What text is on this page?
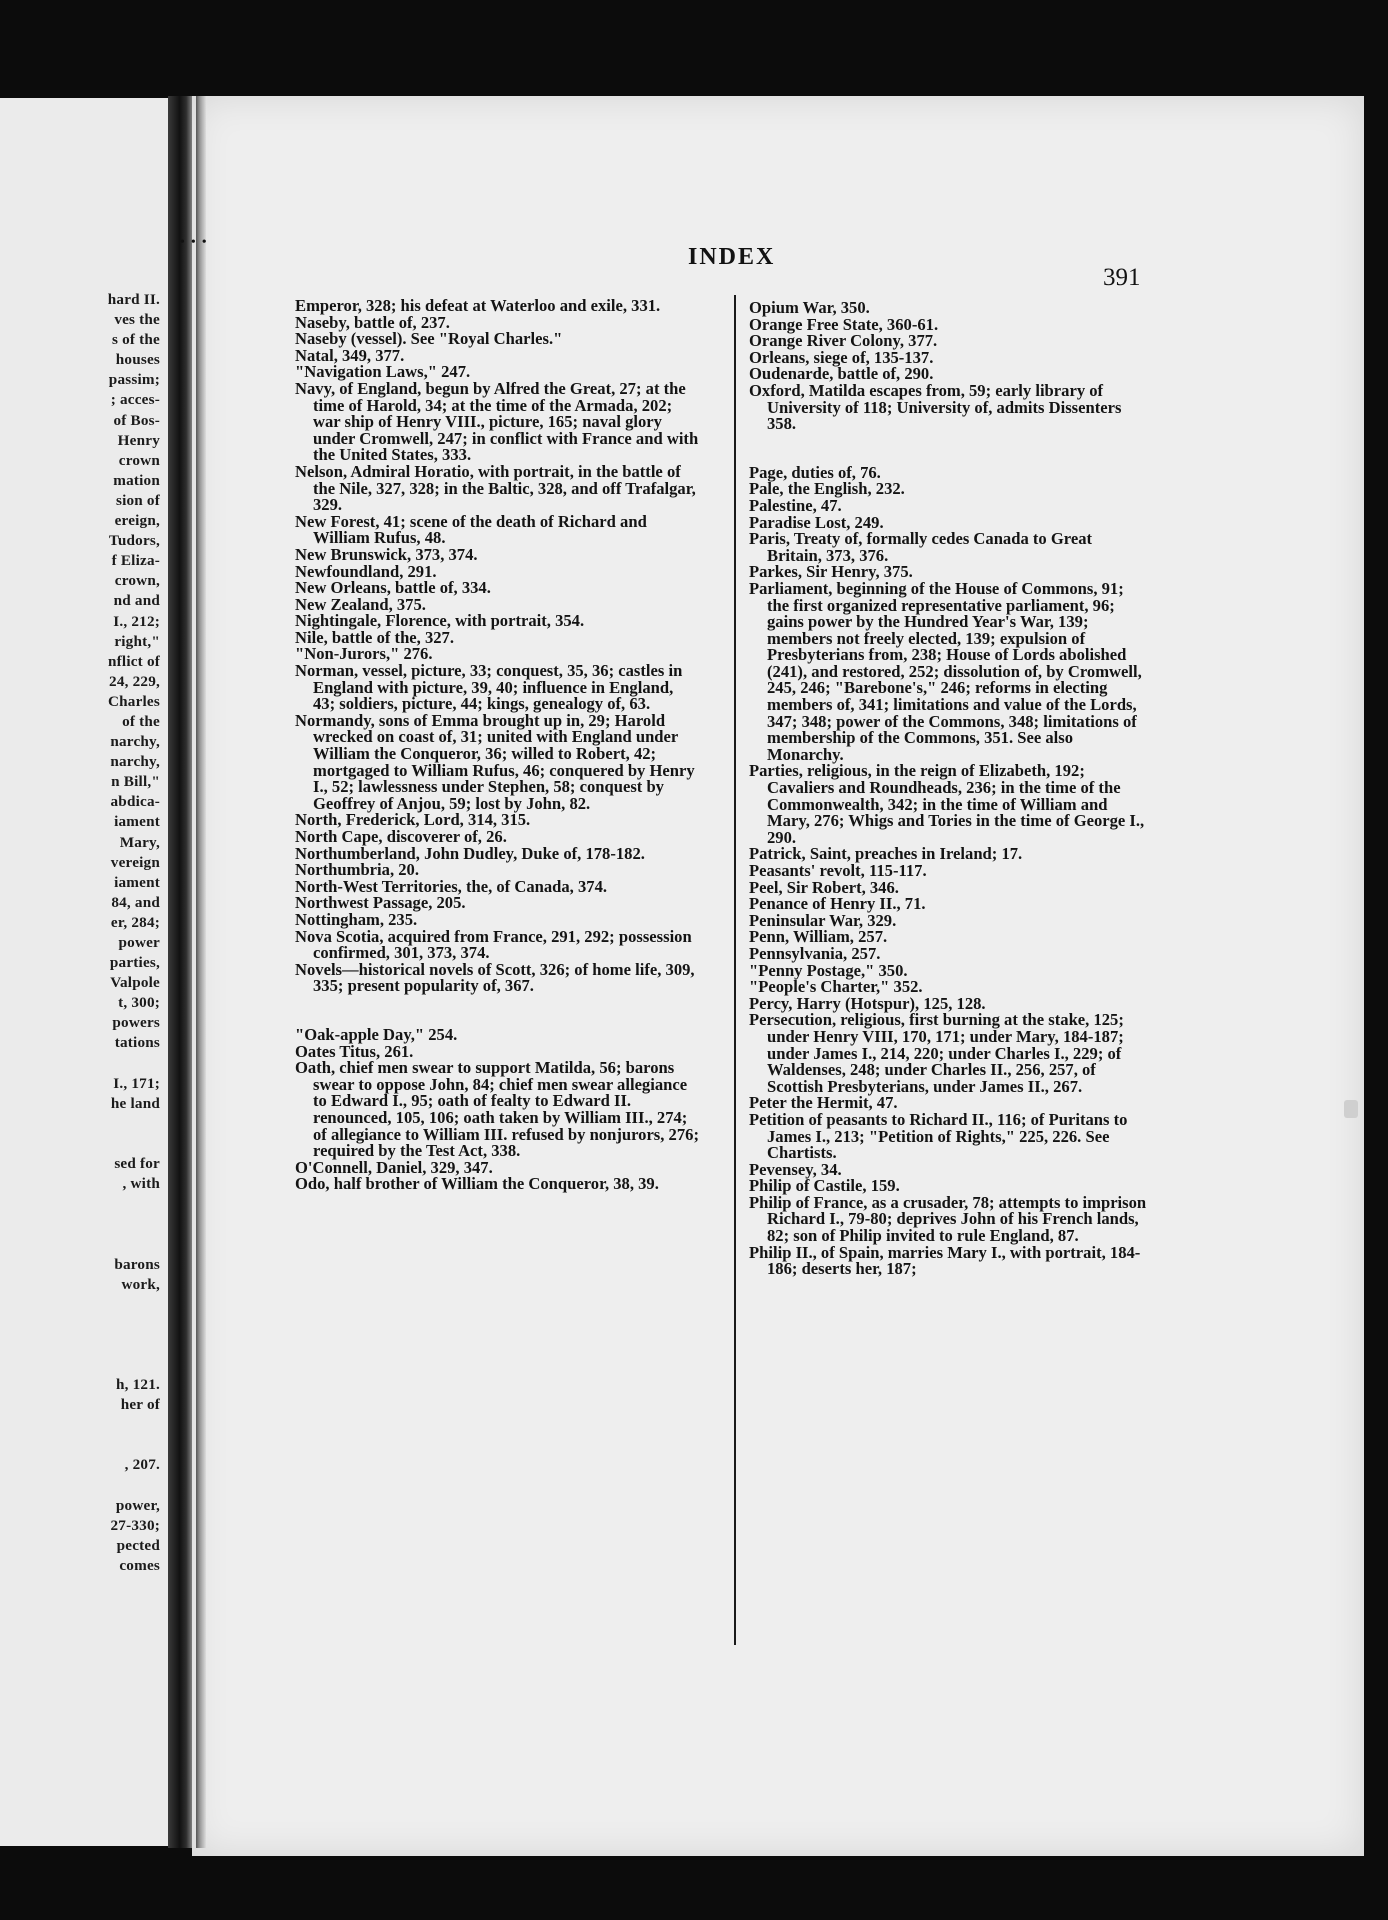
hard II.
ves the
s of the
houses
passim;
; acces-
of Bos-
Henry
crown
mation
sion of
ereign,
Tudors,
f Eliza-
crown,
nd and
I., 212;
right,"
nflict of
24, 229,
Charles
of the
narchy,
narchy,
n Bill,"
abdica-
iament
Mary,
vereign
iament
84, and
er, 284;
power
parties,
Valpole
t, 300;
powers
tations
I., 171;
he land
sed for
, with
barons
work,
h, 121.
her of
, 207.
power,
27-330;
pected
comes
•••
INDEX
391
Emperor, 328; his defeat at Waterloo and exile, 331.
Naseby, battle of, 237.
Naseby (vessel). See "Royal Charles."
Natal, 349, 377.
"Navigation Laws," 247.
Navy, of England, begun by Alfred the Great, 27; at the time of Harold, 34; at the time of the Armada, 202; war ship of Henry VIII., picture, 165; naval glory under Cromwell, 247; in conflict with France and with the United States, 333.
Nelson, Admiral Horatio, with portrait, in the battle of the Nile, 327, 328; in the Baltic, 328, and off Trafalgar, 329.
New Forest, 41; scene of the death of Richard and William Rufus, 48.
New Brunswick, 373, 374.
Newfoundland, 291.
New Orleans, battle of, 334.
New Zealand, 375.
Nightingale, Florence, with portrait, 354.
Nile, battle of the, 327.
"Non-Jurors," 276.
Norman, vessel, picture, 33; conquest, 35, 36; castles in England with picture, 39, 40; influence in England, 43; soldiers, picture, 44; kings, genealogy of, 63.
Normandy, sons of Emma brought up in, 29; Harold wrecked on coast of, 31; united with England under William the Conqueror, 36; willed to Robert, 42; mortgaged to William Rufus, 46; conquered by Henry I., 52; lawlessness under Stephen, 58; conquest by Geoffrey of Anjou, 59; lost by John, 82.
North, Frederick, Lord, 314, 315.
North Cape, discoverer of, 26.
Northumberland, John Dudley, Duke of, 178-182.
Northumbria, 20.
North-West Territories, the, of Canada, 374.
Northwest Passage, 205.
Nottingham, 235.
Nova Scotia, acquired from France, 291, 292; possession confirmed, 301, 373, 374.
Novels—historical novels of Scott, 326; of home life, 309, 335; present popularity of, 367.
"Oak-apple Day," 254.
Oates Titus, 261.
Oath, chief men swear to support Matilda, 56; barons swear to oppose John, 84; chief men swear allegiance to Edward I., 95; oath of fealty to Edward II. renounced, 105, 106; oath taken by William III., 274; of allegiance to William III. refused by nonjurors, 276; required by the Test Act, 338.
O'Connell, Daniel, 329, 347.
Odo, half brother of William the Conqueror, 38, 39.
Opium War, 350.
Orange Free State, 360-61.
Orange River Colony, 377.
Orleans, siege of, 135-137.
Oudenarde, battle of, 290.
Oxford, Matilda escapes from, 59; early library of University of 118; University of, admits Dissenters 358.
Page, duties of, 76.
Pale, the English, 232.
Palestine, 47.
Paradise Lost, 249.
Paris, Treaty of, formally cedes Canada to Great Britain, 373, 376.
Parkes, Sir Henry, 375.
Parliament, beginning of the House of Commons, 91; the first organized representative parliament, 96; gains power by the Hundred Year's War, 139; members not freely elected, 139; expulsion of Presbyterians from, 238; House of Lords abolished (241), and restored, 252; dissolution of, by Cromwell, 245, 246; "Barebone's," 246; reforms in electing members of, 341; limitations and value of the Lords, 347; 348; power of the Commons, 348; limitations of membership of the Commons, 351. See also Monarchy.
Parties, religious, in the reign of Elizabeth, 192; Cavaliers and Roundheads, 236; in the time of the Commonwealth, 342; in the time of William and Mary, 276; Whigs and Tories in the time of George I., 290.
Patrick, Saint, preaches in Ireland; 17.
Peasants' revolt, 115-117.
Peel, Sir Robert, 346.
Penance of Henry II., 71.
Peninsular War, 329.
Penn, William, 257.
Pennsylvania, 257.
"Penny Postage," 350.
"People's Charter," 352.
Percy, Harry (Hotspur), 125, 128.
Persecution, religious, first burning at the stake, 125; under Henry VIII, 170, 171; under Mary, 184-187; under James I., 214, 220; under Charles I., 229; of Waldenses, 248; under Charles II., 256, 257, of Scottish Presbyterians, under James II., 267.
Peter the Hermit, 47.
Petition of peasants to Richard II., 116; of Puritans to James I., 213; "Petition of Rights," 225, 226. See Chartists.
Pevensey, 34.
Philip of Castile, 159.
Philip of France, as a crusader, 78; attempts to imprison Richard I., 79-80; deprives John of his French lands, 82; son of Philip invited to rule England, 87.
Philip II., of Spain, marries Mary I., with portrait, 184-186; deserts her, 187;
